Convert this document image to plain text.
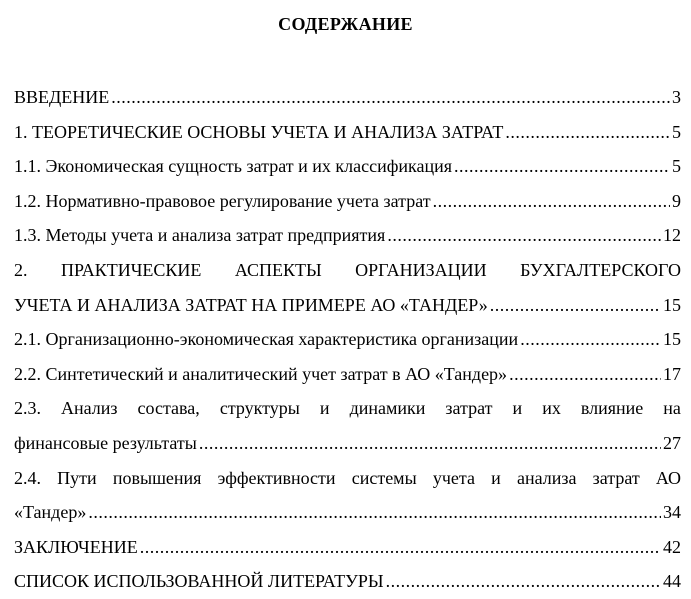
СОДЕРЖАНИЕ
ВВЕДЕНИЕ .....	3
1. ТЕОРЕТИЧЕСКИЕ ОСНОВЫ УЧЕТА И АНАЛИЗА ЗАТРАТ .....	5
1.1. Экономическая сущность затрат и их классификация .....	5
1.2. Нормативно-правовое регулирование учета затрат .....	9
1.3. Методы учета и анализа затрат предприятия .....	12
2. ПРАКТИЧЕСКИЕ АСПЕКТЫ ОРГАНИЗАЦИИ БУХГАЛТЕРСКОГО
УЧЕТА И АНАЛИЗА ЗАТРАТ НА ПРИМЕРЕ АО «ТАНДЕР» .....	15
2.1. Организационно-экономическая характеристика организации .....	15
2.2. Синтетический и аналитический учет затрат в АО «Тандер» .....	17
2.3. Анализ состава, структуры и динамики затрат и их влияние на
финансовые результаты .....	27
2.4. Пути повышения эффективности системы учета и анализа затрат АО
«Тандер» .....	34
ЗАКЛЮЧЕНИЕ .....	42
СПИСОК ИСПОЛЬЗОВАННОЙ ЛИТЕРАТУРЫ .....	44
